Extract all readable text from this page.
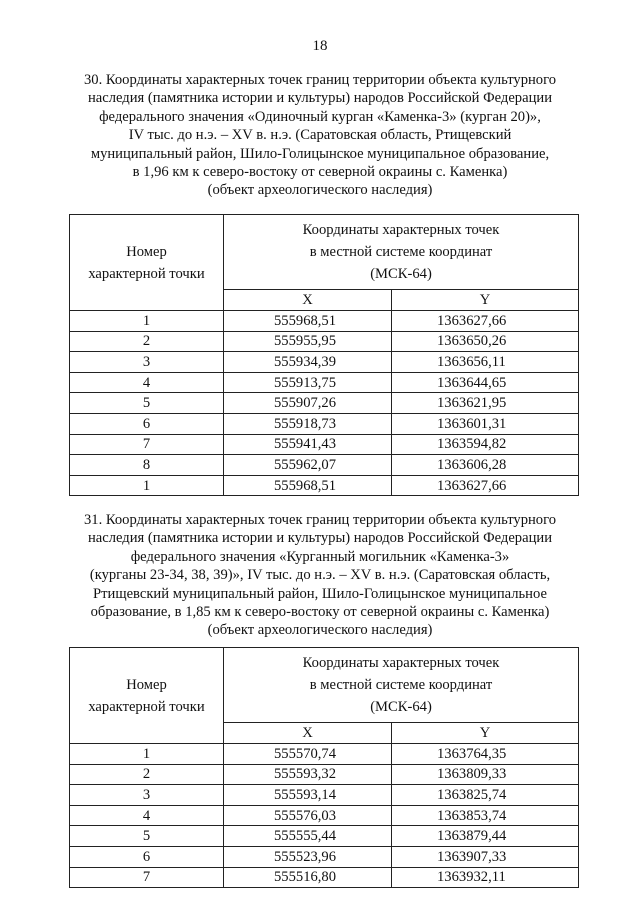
18
30. Координаты характерных точек границ территории объекта культурного
наследия (памятника истории и культуры) народов Российской Федерации
федерального значения «Одиночный курган «Каменка-3» (курган 20)»,
IV тыс. до н.э. – XV в. н.э. (Саратовская область, Ртищевский
муниципальный район, Шило-Голицынское муниципальное образование,
в 1,96 км к северо-востоку от северной окраины с. Каменка)
(объект археологического наследия)
Номер
характерной точки	Координаты характерных точек
в местной системе координат
(МСК-64)	

	X	Y
1	555968,51	1363627,66
2	555955,95	1363650,26
3	555934,39	1363656,11
4	555913,75	1363644,65
5	555907,26	1363621,95
6	555918,73	1363601,31
7	555941,43	1363594,82
8	555962,07	1363606,28
1	555968,51	1363627,66
31. Координаты характерных точек границ территории объекта культурного
наследия (памятника истории и культуры) народов Российской Федерации
федерального значения «Курганный могильник «Каменка-3»
(курганы 23-34, 38, 39)», IV тыс. до н.э. – XV в. н.э. (Саратовская область,
Ртищевский муниципальный район, Шило-Голицынское муниципальное
образование, в 1,85 км к северо-востоку от северной окраины с. Каменка)
(объект археологического наследия)
Номер
характерной точки	Координаты характерных точек
в местной системе координат
(МСК-64)	

	X	Y
1	555570,74	1363764,35
2	555593,32	1363809,33
3	555593,14	1363825,74
4	555576,03	1363853,74
5	555555,44	1363879,44
6	555523,96	1363907,33
7	555516,80	1363932,11
